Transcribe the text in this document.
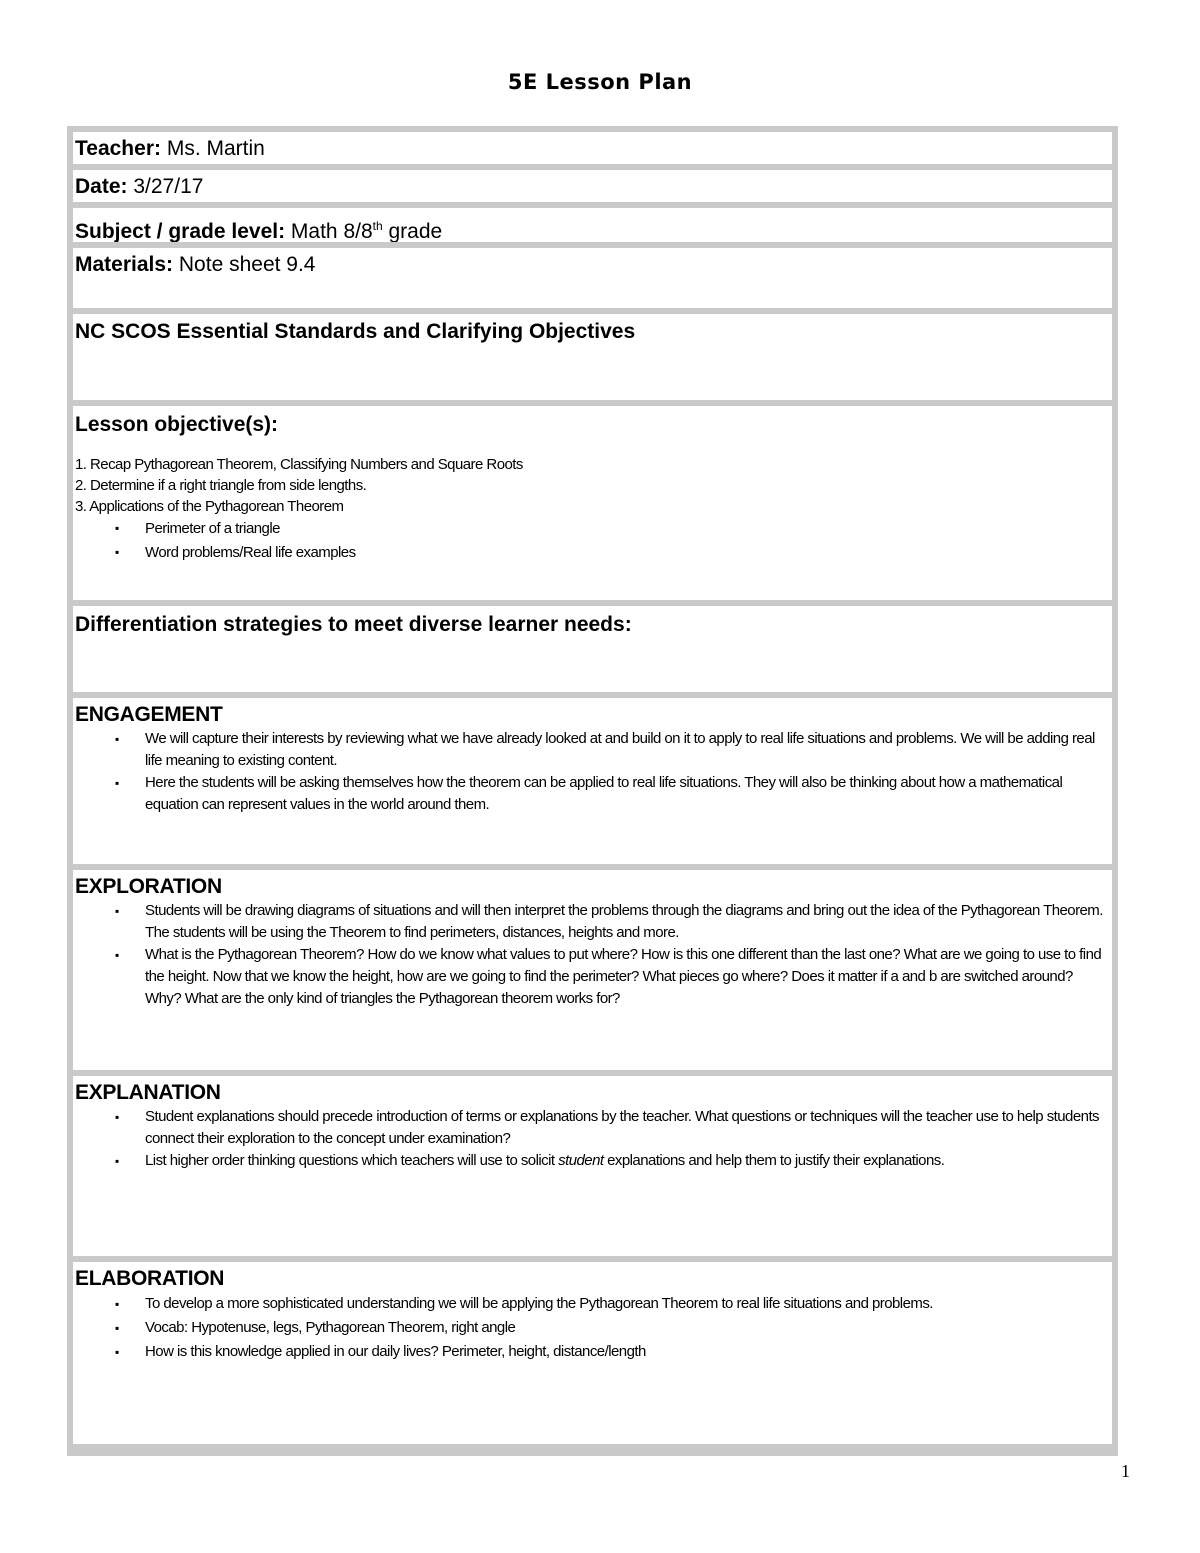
5E Lesson Plan
Teacher: Ms. Martin
Date: 3/27/17
Subject / grade level: Math 8/8th grade
Materials: Note sheet 9.4
NC SCOS Essential Standards and Clarifying Objectives
Lesson objective(s):
1. Recap Pythagorean Theorem, Classifying Numbers and Square Roots
2. Determine if a right triangle from side lengths.
3. Applications of the Pythagorean Theorem
▪ Perimeter of a triangle
▪ Word problems/Real life examples
Differentiation strategies to meet diverse learner needs:
ENGAGEMENT
▪ We will capture their interests by reviewing what we have already looked at and build on it to apply to real life situations and problems. We will be adding real life meaning to existing content.
▪ Here the students will be asking themselves how the theorem can be applied to real life situations. They will also be thinking about how a mathematical equation can represent values in the world around them.
EXPLORATION
▪ Students will be drawing diagrams of situations and will then interpret the problems through the diagrams and bring out the idea of the Pythagorean Theorem. The students will be using the Theorem to find perimeters, distances, heights and more.
▪ What is the Pythagorean Theorem? How do we know what values to put where? How is this one different than the last one? What are we going to use to find the height. Now that we know the height, how are we going to find the perimeter? What pieces go where? Does it matter if a and b are switched around? Why? What are the only kind of triangles the Pythagorean theorem works for?
EXPLANATION
▪ Student explanations should precede introduction of terms or explanations by the teacher. What questions or techniques will the teacher use to help students connect their exploration to the concept under examination?
▪ List higher order thinking questions which teachers will use to solicit student explanations and help them to justify their explanations.
ELABORATION
▪ To develop a more sophisticated understanding we will be applying the Pythagorean Theorem to real life situations and problems.
▪ Vocab: Hypotenuse, legs, Pythagorean Theorem, right angle
▪ How is this knowledge applied in our daily lives? Perimeter, height, distance/length
1
